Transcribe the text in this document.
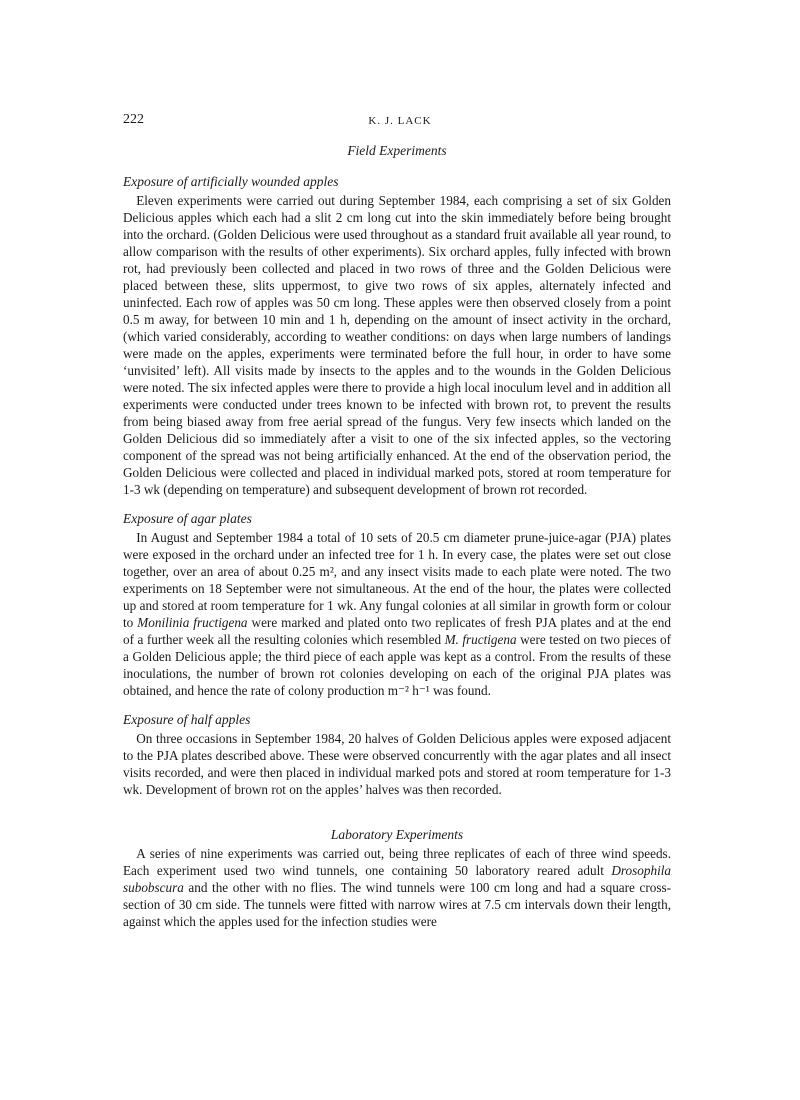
222	K. J. LACK
Field Experiments
Exposure of artificially wounded apples

 Eleven experiments were carried out during September 1984, each comprising a set of six Golden Delicious apples which each had a slit 2 cm long cut into the skin immediately before being brought into the orchard. (Golden Delicious were used throughout as a standard fruit available all year round, to allow comparison with the results of other experiments). Six orchard apples, fully infected with brown rot, had previously been collected and placed in two rows of three and the Golden Delicious were placed between these, slits uppermost, to give two rows of six apples, alternately infected and uninfected. Each row of apples was 50 cm long. These apples were then observed closely from a point 0.5 m away, for between 10 min and 1 h, depending on the amount of insect activity in the orchard, (which varied considerably, according to weather conditions: on days when large numbers of landings were made on the apples, experiments were terminated before the full hour, in order to have some ‘unvisited’ left). All visits made by insects to the apples and to the wounds in the Golden Delicious were noted. The six infected apples were there to provide a high local inoculum level and in addition all experiments were conducted under trees known to be infected with brown rot, to prevent the results from being biased away from free aerial spread of the fungus. Very few insects which landed on the Golden Delicious did so immediately after a visit to one of the six infected apples, so the vectoring component of the spread was not being artificially enhanced. At the end of the observation period, the Golden Delicious were collected and placed in individual marked pots, stored at room temperature for 1-3 wk (depending on temperature) and subsequent development of brown rot recorded.

Exposure of agar plates

 In August and September 1984 a total of 10 sets of 20.5 cm diameter prune-juice-agar (PJA) plates were exposed in the orchard under an infected tree for 1 h. In every case, the plates were set out close together, over an area of about 0.25 m², and any insect visits made to each plate were noted. The two experiments on 18 September were not simultaneous. At the end of the hour, the plates were collected up and stored at room temperature for 1 wk. Any fungal colonies at all similar in growth form or colour to Monilinia fructigena were marked and plated onto two replicates of fresh PJA plates and at the end of a further week all the resulting colonies which resembled M. fructigena were tested on two pieces of a Golden Delicious apple; the third piece of each apple was kept as a control. From the results of these inoculations, the number of brown rot colonies developing on each of the original PJA plates was obtained, and hence the rate of colony production m⁻² h⁻¹ was found.

Exposure of half apples

 On three occasions in September 1984, 20 halves of Golden Delicious apples were exposed adjacent to the PJA plates described above. These were observed concurrently with the agar plates and all insect visits recorded, and were then placed in individual marked pots and stored at room temperature for 1-3 wk. Development of brown rot on the apples’ halves was then recorded.

Laboratory Experiments

 A series of nine experiments was carried out, being three replicates of each of three wind speeds. Each experiment used two wind tunnels, one containing 50 laboratory reared adult Drosophila subobscura and the other with no flies. The wind tunnels were 100 cm long and had a square cross-section of 30 cm side. The tunnels were fitted with narrow wires at 7.5 cm intervals down their length, against which the apples used for the infection studies were
